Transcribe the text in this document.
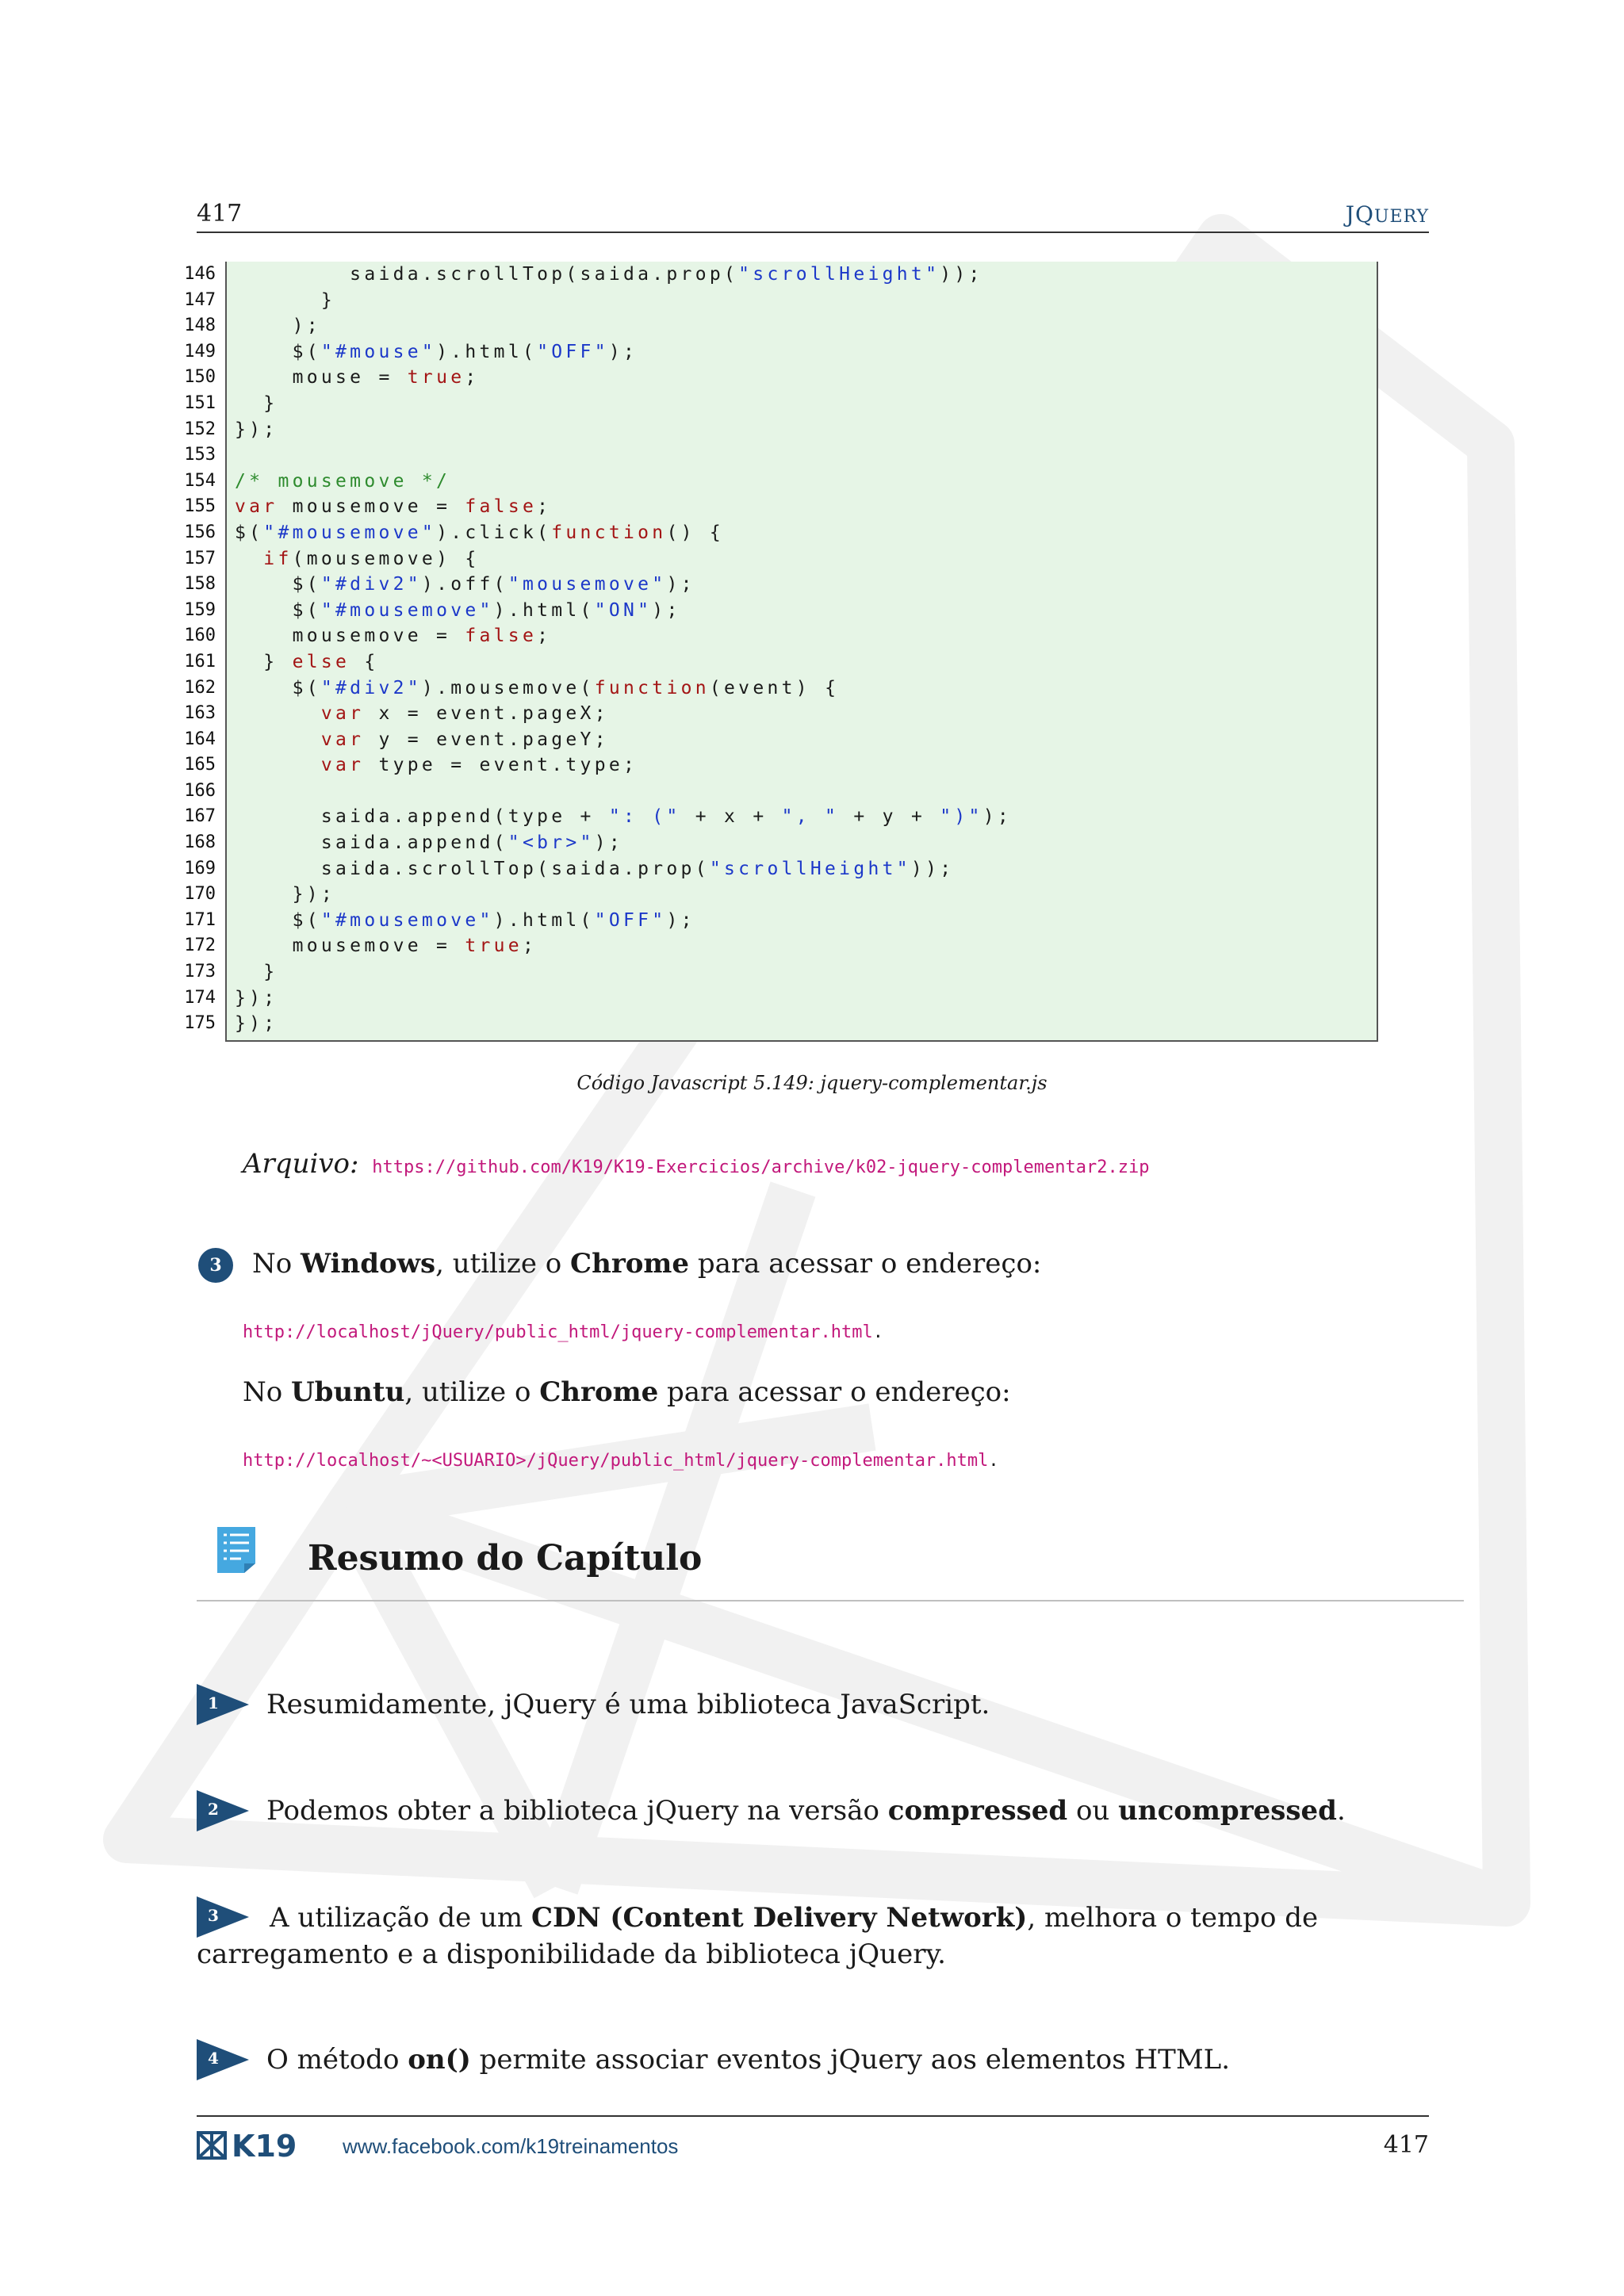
417	JQUERY
146 saida.scrollTop(saida.prop("scrollHeight"));
147 }
148 );
149 $("#mouse").html("OFF");
150 mouse = true;
151 }
152 });
153
154 /* mousemove */
155 var mousemove = false;
156 $("#mousemove").click(function() {
157	if(mousemove) {
158 $("#div2").off("mousemove");
159 $("#mousemove").html("ON");
160 mousemove = false;
161 } else {
162 $("#div2").mousemove(function(event) {
163	var x = event.pageX;
164	var y = event.pageY;
165	var type = event.type;
166
167 saida.append(type + ": (" + x + ", " + y + ")");
168 saida.append("<br>");
169 saida.scrollTop(saida.prop("scrollHeight"));
170 });
171 $("#mousemove").html("OFF");
172 mousemove = true;
173 }
174 });
175 });
Código Javascript 5.149: jquery-complementar.js
Arquivo: https://github.com/K19/K19-Exercicios/archive/k02-jquery-complementar2.zip
3	No Windows, utilize o Chrome para acessar o endereço:
http://localhost/jQuery/public_html/jquery-complementar.html.
No Ubuntu, utilize o Chrome para acessar o endereço:
http://localhost/~<USUARIO>/jQuery/public_html/jquery-complementar.html.
Resumo do Capítulo
1 Resumidamente, jQuery é uma biblioteca JavaScript.
2 Podemos obter a biblioteca jQuery na versão compressed ou uncompressed.
3	A utilização de um CDN (Content Delivery Network), melhora o tempo de carregamento e a disponibilidade da biblioteca jQuery.
4 O método on() permite associar eventos jQuery aos elementos HTML.
K19 www.facebook.com/k19treinamentos	417
